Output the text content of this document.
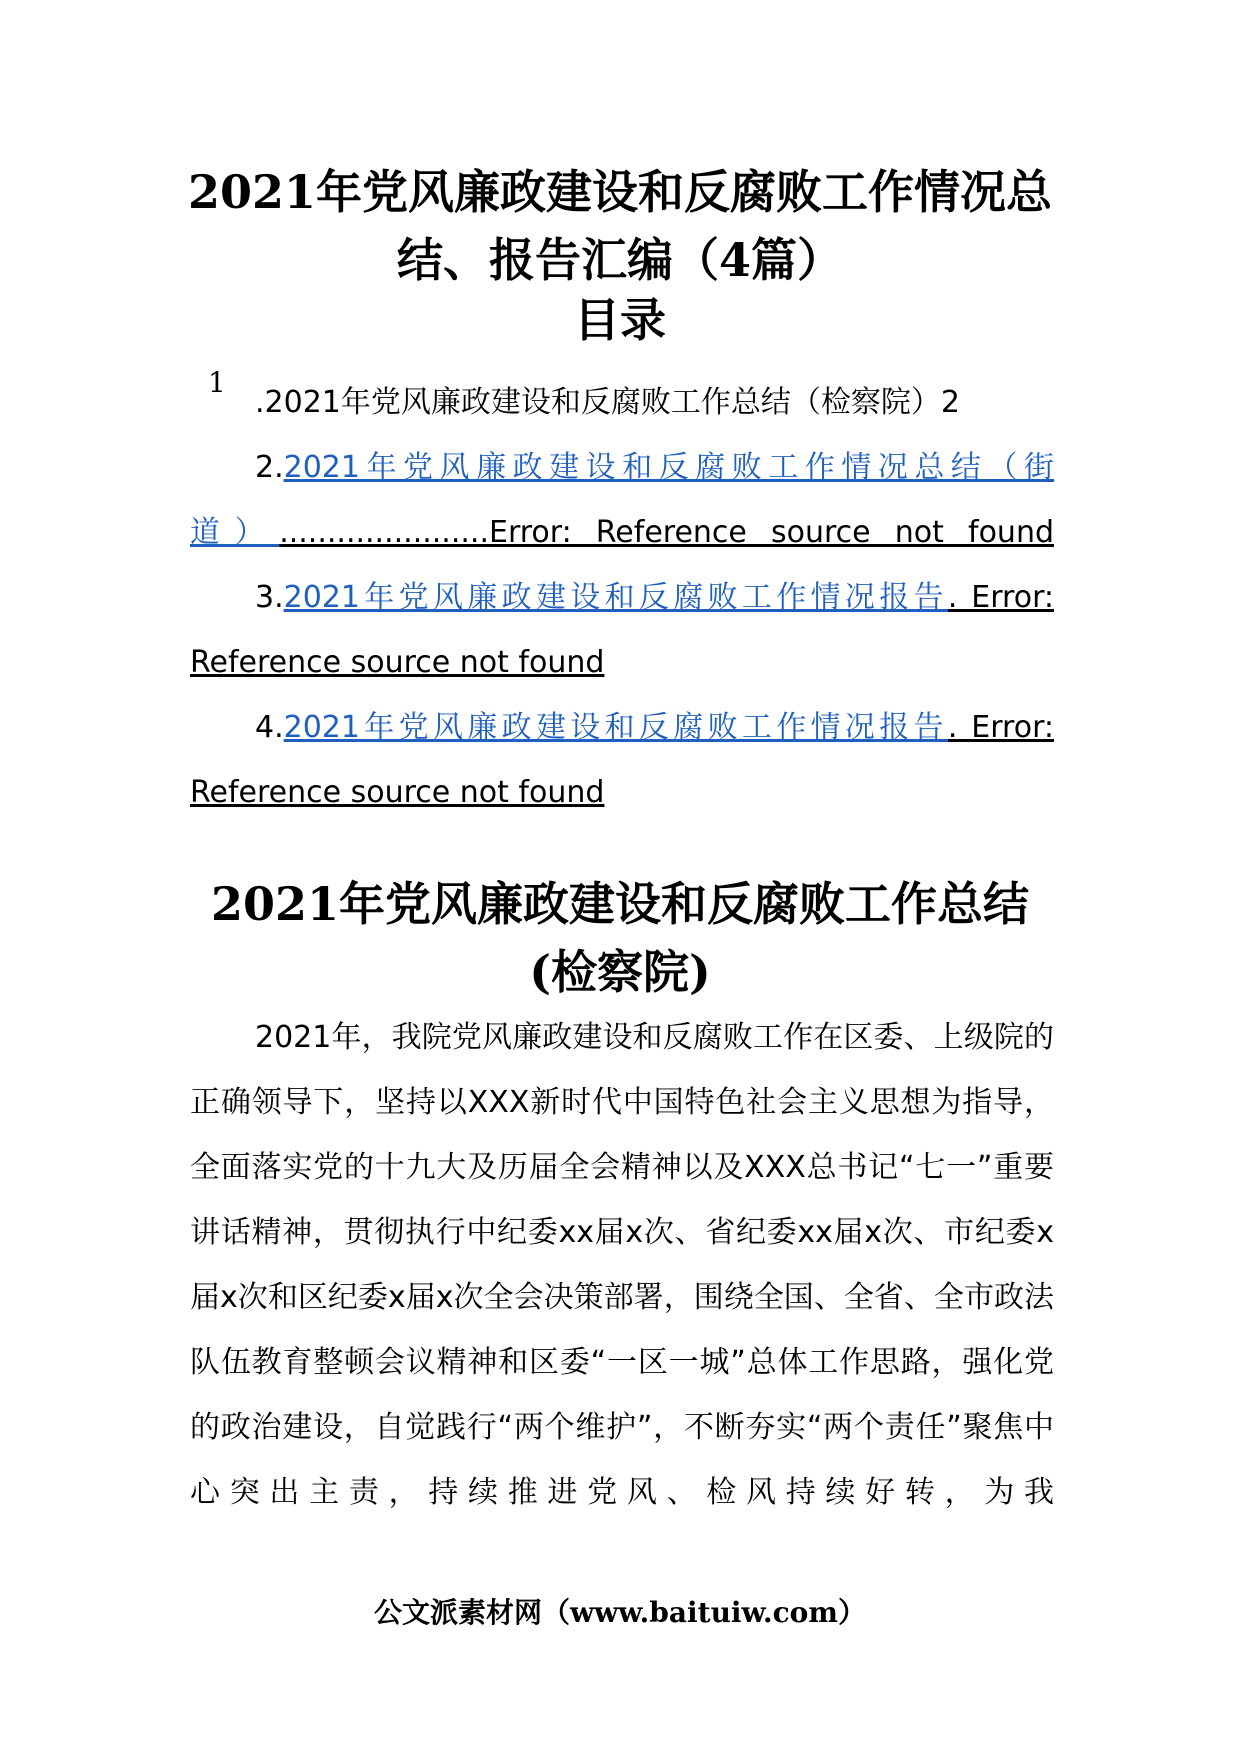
2021年党风廉政建设和反腐败工作情况总
结、报告汇编（4篇）
目录
1

.2021年党风廉政建设和反腐败工作总结（检察院）2

2.2021年党风廉政建设和反腐败工作情况总结（街

道）......................Error: Reference source not found

3.2021年党风廉政建设和反腐败工作情况报告. Error:

Reference source not found

4.2021年党风廉政建设和反腐败工作情况报告. Error:

Reference source not found

2021年党风廉政建设和反腐败工作总结
(检察院)

2021年，我院党风廉政建设和反腐败工作在区委、上级院的正确领导下，坚持以XXX新时代中国特色社会主义思想为指导，全面落实党的十九大及历届全会精神以及XXX总书记“七一”重要讲话精神，贯彻执行中纪委xx届x次、省纪委xx届x次、市纪委x届x次和区纪委x届x次全会决策部署，围绕全国、全省、全市政法队伍教育整顿会议精神和区委“一区一城”总体工作思路，强化党的政治建设，自觉践行“两个维护”，不断夯实“两个责任”聚焦中心突出主责，持续推进党风、检风持续好转，为我

公文派素材网（www.baituiw.com）
